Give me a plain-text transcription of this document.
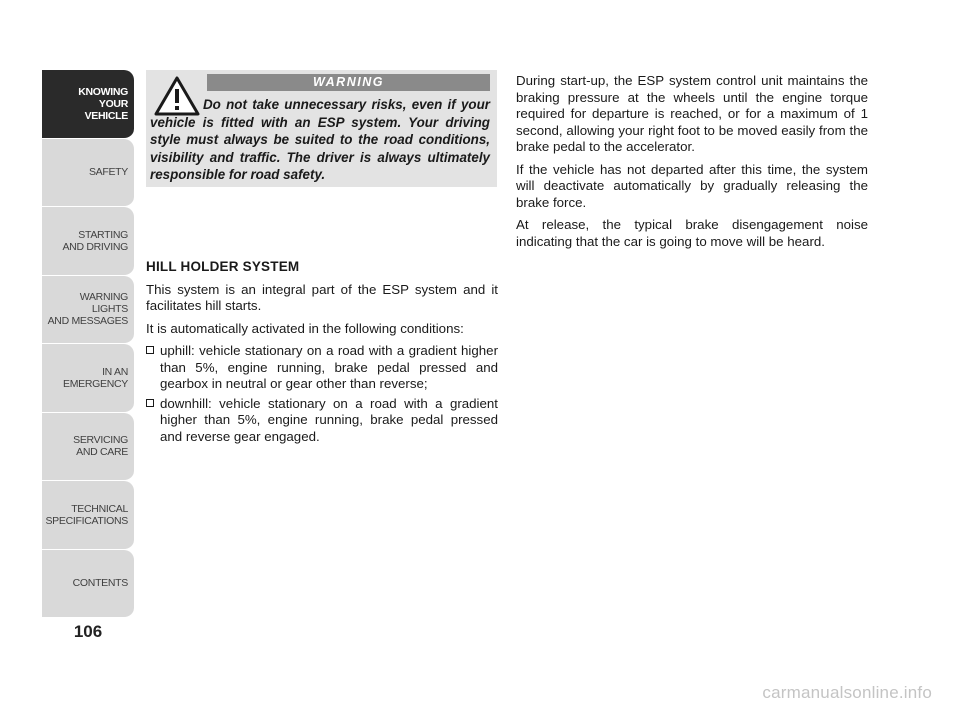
KNOWING
YOUR
VEHICLE
SAFETY
STARTING
AND DRIVING
WARNING LIGHTS
AND MESSAGES
IN AN
EMERGENCY
SERVICING
AND CARE
TECHNICAL
SPECIFICATIONS
CONTENTS
106
WARNING
Do not take unnecessary risks, even if your vehicle is fitted with an ESP system. Your driving style must always be suited to the road conditions, visibility and traffic. The driver is always ultimately responsible for road safety.
HILL HOLDER SYSTEM

This system is an integral part of the ESP system and it facilitates hill starts.

It is automatically activated in the following conditions:

uphill: vehicle stationary on a road with a gradient higher than 5%, engine running, brake pedal pressed and gearbox in neutral or gear other than reverse;
downhill: vehicle stationary on a road with a gradient higher than 5%, engine running, brake pedal pressed and reverse gear engaged.

During start-up, the ESP system control unit maintains the braking pressure at the wheels until the engine torque required for departure is reached, or for a maximum of 1 second, allowing your right foot to be moved easily from the brake pedal to the accelerator.

If the vehicle has not departed after this time, the system will deactivate automatically by gradually releasing the brake force.

At release, the typical brake disengagement noise indicating that the car is going to move will be heard.

carmanualsonline.info
